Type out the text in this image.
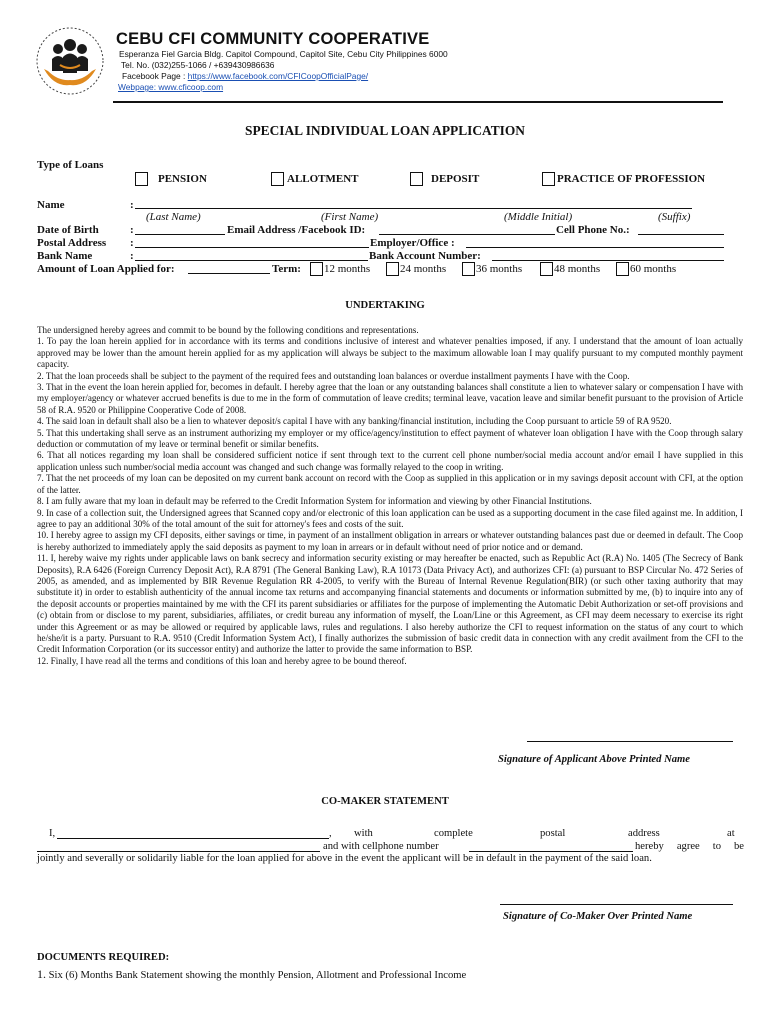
CEBU CFI COMMUNITY COOPERATIVE
Esperanza Fiel Garcia Bldg. Capitol Compound, Capitol Site, Cebu City Philippines 6000
Tel. No. (032)255-1066 / +639430986636
Facebook Page : https://www.facebook.com/CFICoopOfficialPage/
Webpage: www.cficoop.com
SPECIAL INDIVIDUAL LOAN APPLICATION
Type of Loans
PENSION	ALLOTMENT	DEPOSIT	PRACTICE OF PROFESSION
Name	:
(Last Name)	(First Name)	(Middle Initial)	(Suffix)
Date of Birth	:	Email Address /Facebook ID:	Cell Phone No.:
Postal Address :	Employer/Office :
Bank Name	:	Bank Account Number:
Amount of Loan Applied for:	Term: 12 months	24 months	36 months	48 months	60 months
UNDERTAKING

The undersigned hereby agrees and commit to be bound by the following conditions and representations.

1. To pay the loan herein applied for in accordance with its terms and conditions inclusive of interest and whatever penalties imposed, if any. I understand that the amount of loan actually approved may be lower than the amount herein applied for as my application will always be subject to the maximum allowable loan I may qualify pursuant to my computed monthly payment capacity.

2. That the loan proceeds shall be subject to the payment of the required fees and outstanding loan balances or overdue installment payments I have with the Coop.

3. That in the event the loan herein applied for, becomes in default. I hereby agree that the loan or any outstanding balances shall constitute a lien to whatever salary or compensation I have with my employer/agency or whatever accrued benefits is due to me in the form of commutation of leave credits; terminal leave, vacation leave and similar benefit pursuant to the provision of Article 58 of R.A. 9520 or Philippine Cooperative Code of 2008.

4. The said loan in default shall also be a lien to whatever deposit/s capital I have with any banking/financial institution, including the Coop pursuant to article 59 of RA 9520.

5. That this undertaking shall serve as an instrument authorizing my employer or my office/agency/institution to effect payment of whatever loan obligation I have with the Coop through salary deduction or commutation of my leave or terminal benefit or similar benefits.

6. That all notices regarding my loan shall be considered sufficient notice if sent through text to the current cell phone number/social media account and/or email I have supplied in this application unless such number/social media account was changed and such change was formally relayed to the coop in writing.

7. That the net proceeds of my loan can be deposited on my current bank account on record with the Coop as supplied in this application or in my savings deposit account with CFI, at the option of the latter.

8. I am fully aware that my loan in default may be referred to the Credit Information System for information and viewing by other Financial Institutions.

9. In case of a collection suit, the Undersigned agrees that Scanned copy and/or electronic of this loan application can be used as a supporting document in the case filed against me. In addition, I agree to pay an additional 30% of the total amount of the suit for attorney's fees and costs of the suit.

10. I hereby agree to assign my CFI deposits, either savings or time, in payment of an installment obligation in arrears or whatever outstanding balances past due or deemed in default. The Coop is hereby authorized to immediately apply the said deposits as payment to my loan in arrears or in default without need of prior notice and or demand.

11. I, hereby waive my rights under applicable laws on bank secrecy and information security existing or may hereafter be enacted, such as Republic Act (R.A) No. 1405 (The Secrecy of Bank Deposits), R.A 6426 (Foreign Currency Deposit Act), R.A 8791 (The General Banking Law), R.A 10173 (Data Privacy Act), and authorizes CFI: (a) pursuant to BSP Circular No. 472 Series of 2005, as amended, and as implemented by BIR Revenue Regulation RR 4-2005, to verify with the Bureau of Internal Revenue Regulation(BIR) (or such other taxing authority that may substitute it) in order to establish authenticity of the annual income tax returns and accompanying financial statements and documents or information submitted by me, (b) to inquire into any of the deposit accounts or properties maintained by me with the CFI its parent subsidiaries or affiliates for the purpose of implementing the Automatic Debit Authorization or set-off provisions and (c) obtain from or disclose to my parent, subsidiaries, affiliates, or credit bureau any information of myself, the Loan/Line or this Agreement, as CFI may deem necessary to exercise its right under this Agreement or as may be allowed or required by applicable laws, rules and regulations. I also hereby authorize the CFI to request information on the status of any court to which he/she/it is a party. Pursuant to R.A. 9510 (Credit Information System Act), I finally authorizes the submission of basic credit data in connection with any credit availment from the CFI to the Credit Information Corporation (or its successor entity) and authorize the latter to provide the same information to BSP.

12. Finally, I have read all the terms and conditions of this loan and hereby agree to be bound thereof.

Signature of Applicant Above Printed Name
CO-MAKER STATEMENT
I,	, with	complete	postal	address	at
and with cellphone number	hereby agree to be
jointly and severally or solidarily liable for the loan applied for above in the event the applicant will be in default in the payment of the said loan.
Signature of Co-Maker Over Printed Name
DOCUMENTS REQUIRED:
1. Six (6) Months Bank Statement showing the monthly Pension, Allotment and Professional Income
